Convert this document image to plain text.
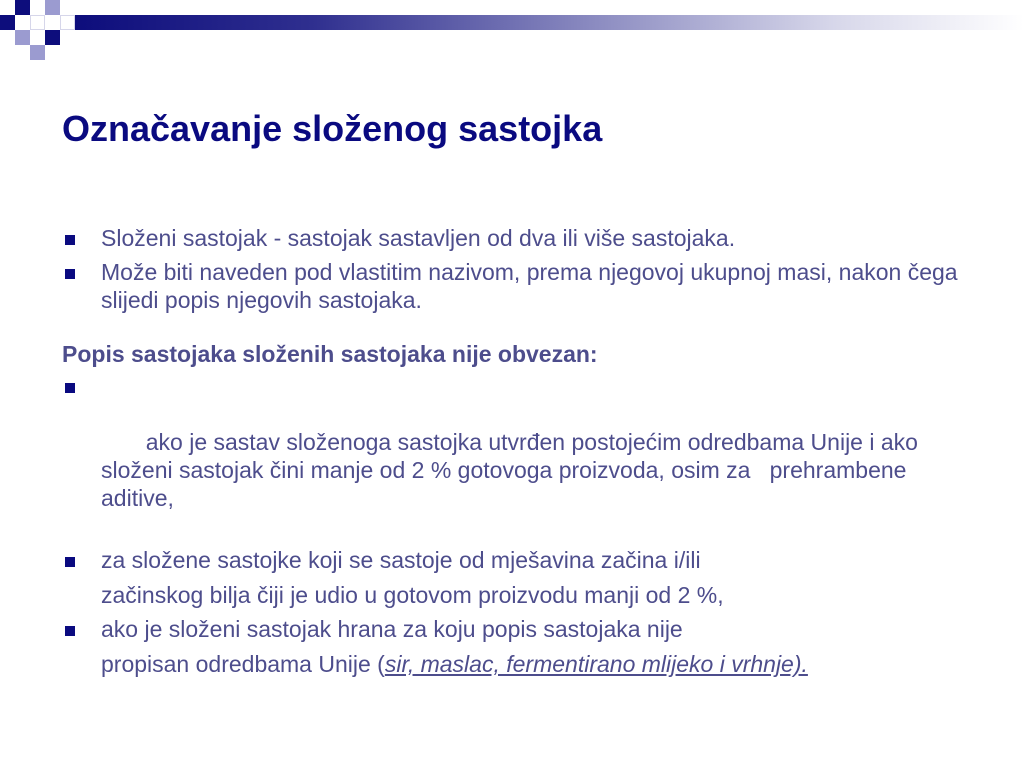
Označavanje složenog sastojka
Složeni sastojak - sastojak sastavljen od dva ili više sastojaka.
Može biti naveden pod vlastitim nazivom, prema njegovoj ukupnoj masi, nakon čega slijedi popis njegovih sastojaka.
Popis sastojaka složenih sastojaka nije obvezan:

ako je sastav složenoga sastojka utvrđen postojećim odredbama Unije i ako složeni sastojak čini manje od 2 % gotovoga proizvoda, osim za   prehrambene aditive,

za složene sastojke koji se sastoje od mješavina začina i/ili
začinskog bilja čiji je udio u gotovom proizvodu manji od 2 %,
ako je složeni sastojak hrana za koju popis sastojaka nije
propisan odredbama Unije (sir, maslac, fermentirano mlijeko i vrhnje).
